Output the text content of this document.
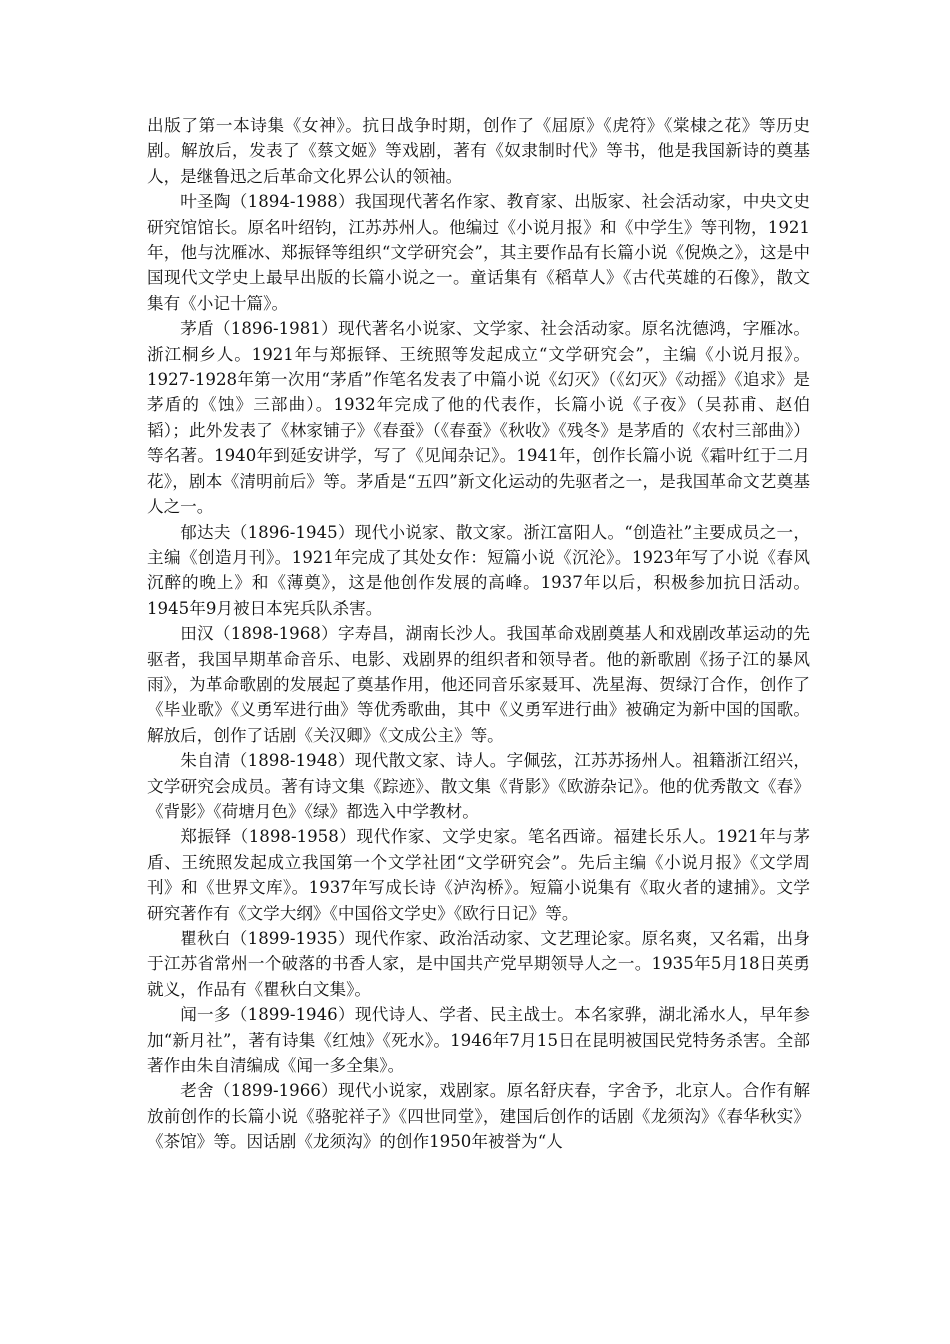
出版了第一本诗集《女神》。抗日战争时期，创作了《屈原》《虎符》《棠棣之花》等历史剧。解放后，发表了《蔡文姬》等戏剧，著有《奴隶制时代》等书，他是我国新诗的奠基人，是继鲁迅之后革命文化界公认的领袖。

叶圣陶（1894-1988）我国现代著名作家、教育家、出版家、社会活动家，中央文史研究馆馆长。原名叶绍钧，江苏苏州人。他编过《小说月报》和《中学生》等刊物，1921年，他与沈雁冰、郑振铎等组织“文学研究会”，其主要作品有长篇小说《倪焕之》，这是中国现代文学史上最早出版的长篇小说之一。童话集有《稻草人》《古代英雄的石像》，散文集有《小记十篇》。

茅盾（1896-1981）现代著名小说家、文学家、社会活动家。原名沈德鸿，字雁冰。浙江桐乡人。1921年与郑振铎、王统照等发起成立“文学研究会”，主编《小说月报》。1927-1928年第一次用“茅盾”作笔名发表了中篇小说《幻灭》（《幻灭》《动摇》《追求》是茅盾的《蚀》三部曲）。1932年完成了他的代表作，长篇小说《子夜》（吴荪甫、赵伯韬）；此外发表了《林家铺子》《春蚕》（《春蚕》《秋收》《残冬》是茅盾的《农村三部曲》）等名著。1940年到延安讲学，写了《见闻杂记》。1941年，创作长篇小说《霜叶红于二月花》，剧本《清明前后》等。茅盾是“五四”新文化运动的先驱者之一，是我国革命文艺奠基人之一。

郁达夫（1896-1945）现代小说家、散文家。浙江富阳人。“创造社”主要成员之一，主编《创造月刊》。1921年完成了其处女作：短篇小说《沉沦》。1923年写了小说《春风沉醉的晚上》和《薄奠》，这是他创作发展的高峰。1937年以后，积极参加抗日活动。1945年9月被日本宪兵队杀害。

田汉（1898-1968）字寿昌，湖南长沙人。我国革命戏剧奠基人和戏剧改革运动的先驱者，我国早期革命音乐、电影、戏剧界的组织者和领导者。他的新歌剧《扬子江的暴风雨》，为革命歌剧的发展起了奠基作用，他还同音乐家聂耳、冼星海、贺绿汀合作，创作了《毕业歌》《义勇军进行曲》等优秀歌曲，其中《义勇军进行曲》被确定为新中国的国歌。解放后，创作了话剧《关汉卿》《文成公主》等。

朱自清（1898-1948）现代散文家、诗人。字佩弦，江苏苏扬州人。祖籍浙江绍兴，文学研究会成员。著有诗文集《踪迹》、散文集《背影》《欧游杂记》。他的优秀散文《春》《背影》《荷塘月色》《绿》都选入中学教材。

郑振铎（1898-1958）现代作家、文学史家。笔名西谛。福建长乐人。1921年与茅盾、王统照发起成立我国第一个文学社团“文学研究会”。先后主编《小说月报》《文学周刊》和《世界文库》。1937年写成长诗《泸沟桥》。短篇小说集有《取火者的逮捕》。文学研究著作有《文学大纲》《中国俗文学史》《欧行日记》等。

瞿秋白（1899-1935）现代作家、政治活动家、文艺理论家。原名爽，又名霜，出身于江苏省常州一个破落的书香人家，是中国共产党早期领导人之一。1935年5月18日英勇就义，作品有《瞿秋白文集》。

闻一多（1899-1946）现代诗人、学者、民主战士。本名家骅，湖北浠水人，早年参加“新月社”，著有诗集《红烛》《死水》。1946年7月15日在昆明被国民党特务杀害。全部著作由朱自清编成《闻一多全集》。

老舍（1899-1966）现代小说家，戏剧家。原名舒庆春，字舍予，北京人。合作有解放前创作的长篇小说《骆驼祥子》《四世同堂》，建国后创作的话剧《龙须沟》《春华秋实》《茶馆》等。因话剧《龙须沟》的创作1950年被誉为“人
